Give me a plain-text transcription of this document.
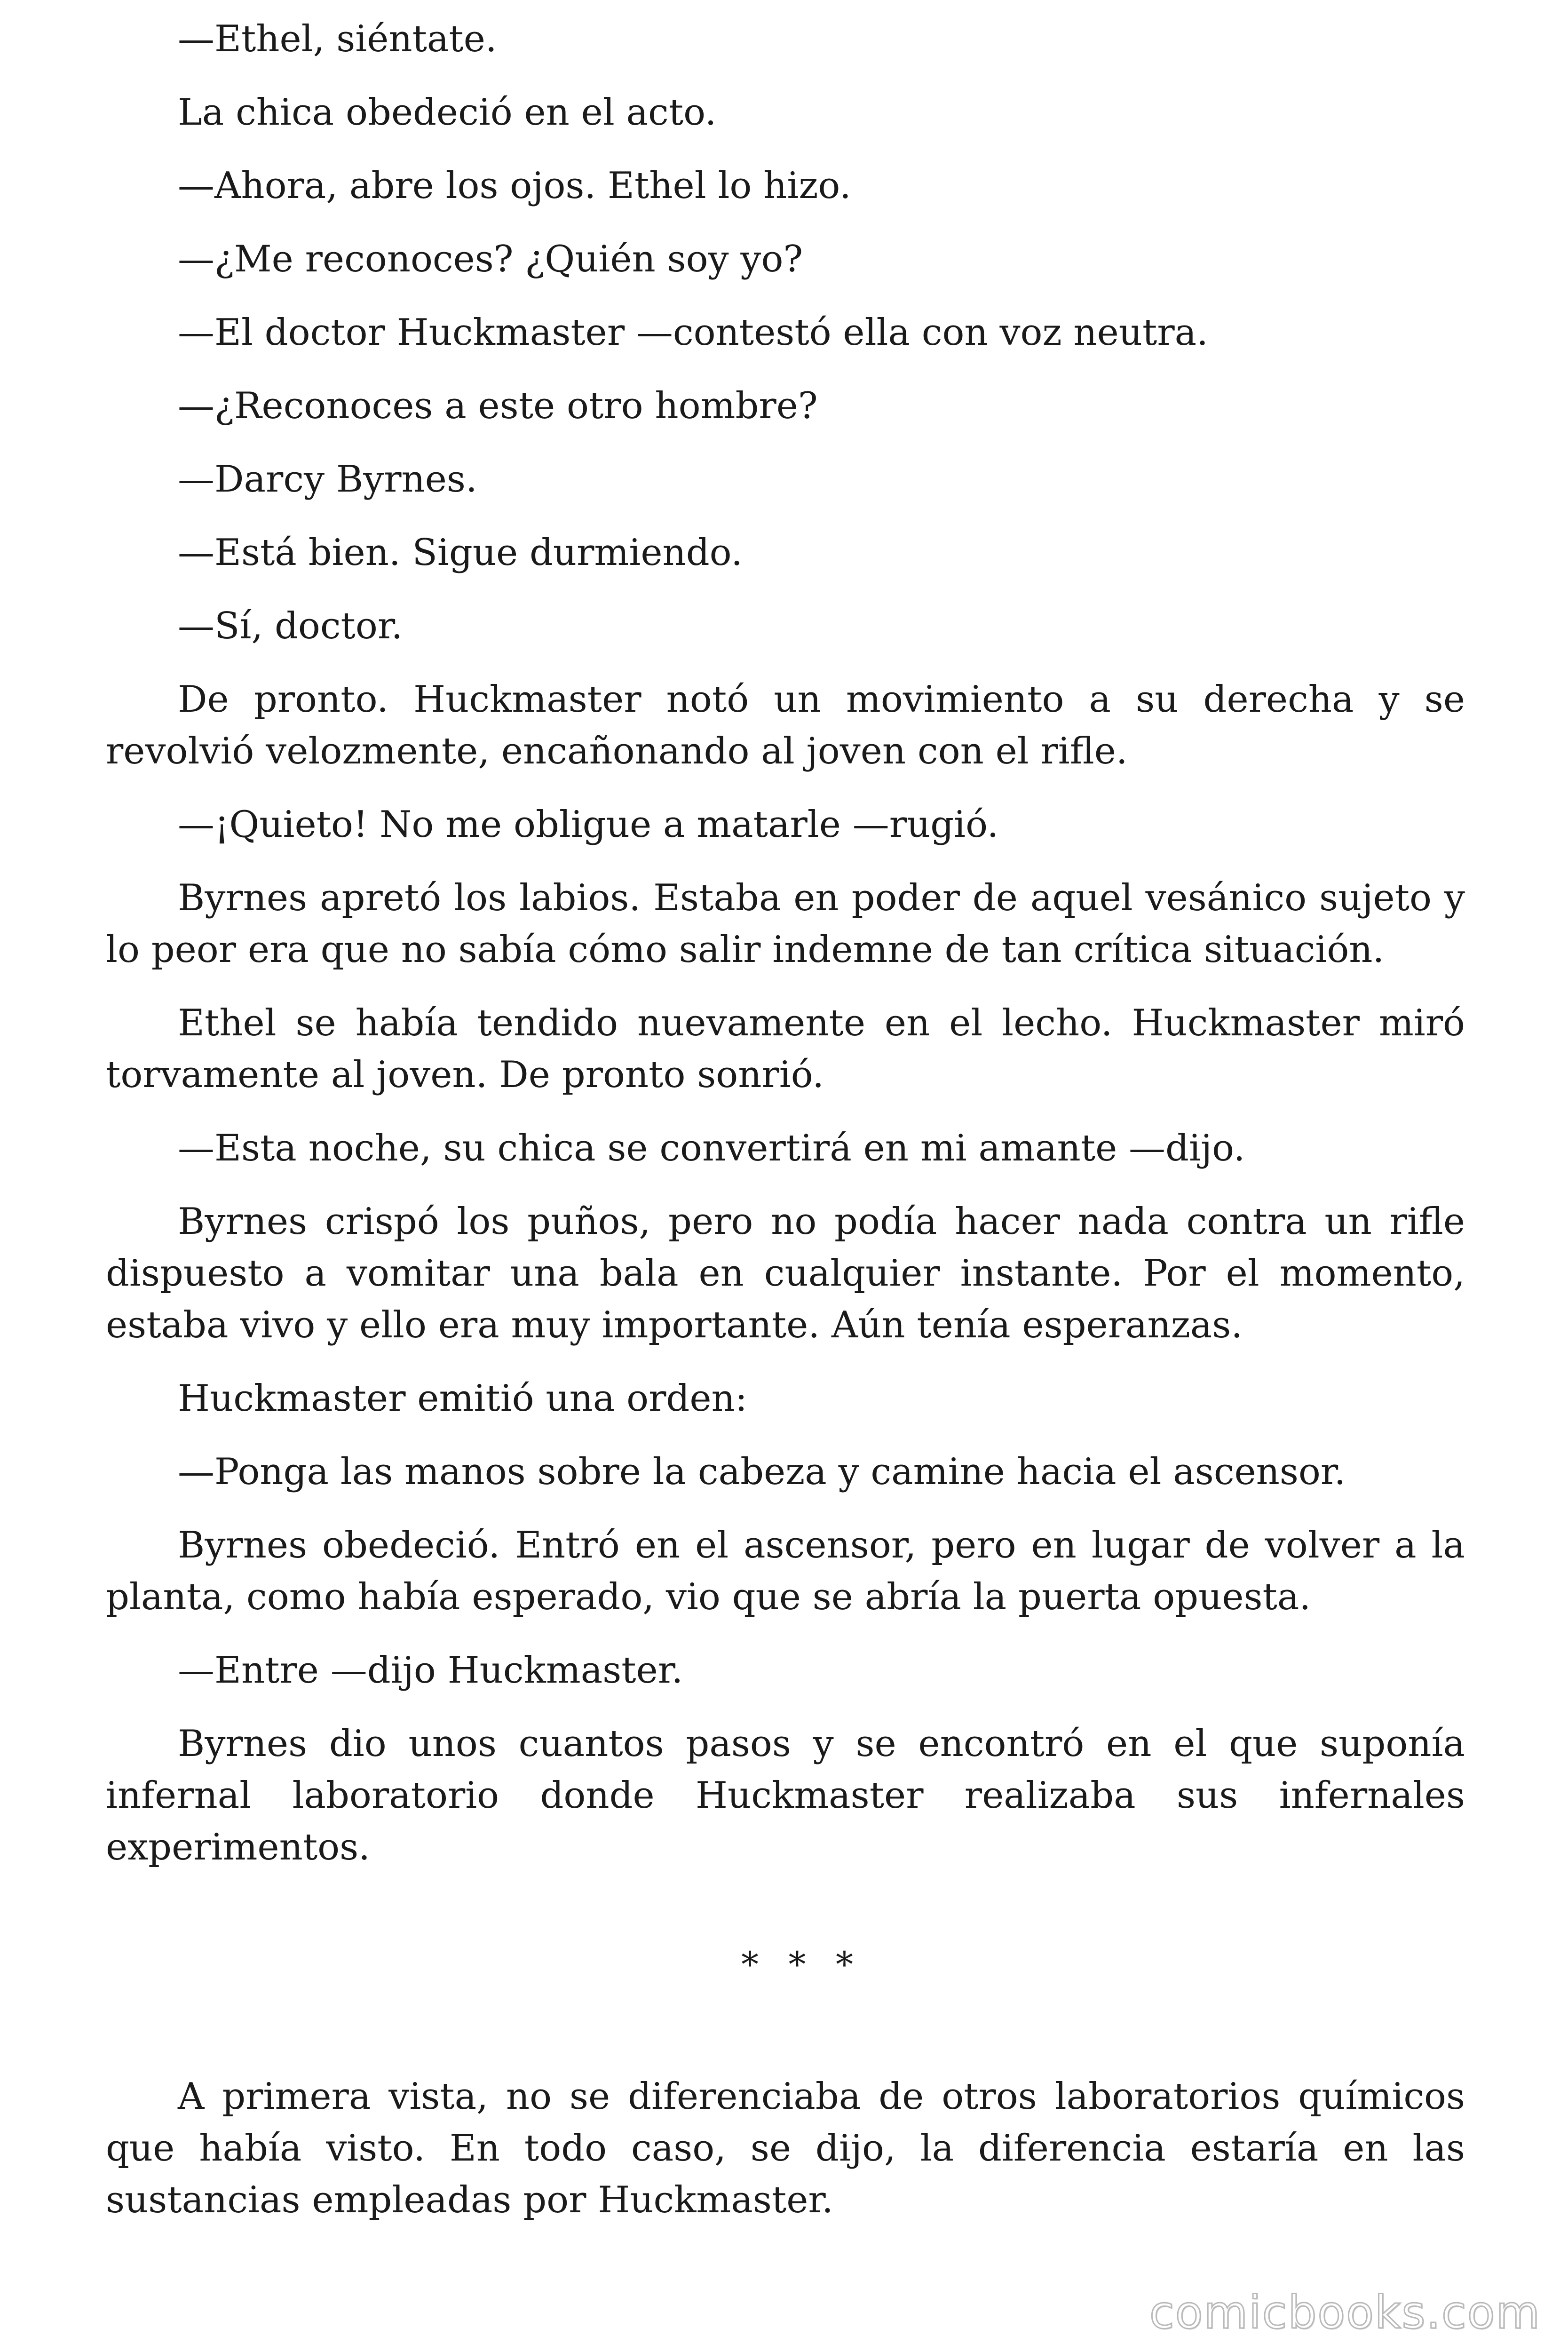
—Ethel, siéntate.

La chica obedeció en el acto.

—Ahora, abre los ojos. Ethel lo hizo.

—¿Me reconoces? ¿Quién soy yo?

—El doctor Huckmaster —contestó ella con voz neutra.

—¿Reconoces a este otro hombre?

—Darcy Byrnes.

—Está bien. Sigue durmiendo.

—Sí, doctor.

De pronto. Huckmaster notó un movimiento a su derecha y se revolvió velozmente, encañonando al joven con el rifle.

—¡Quieto! No me obligue a matarle —rugió.

Byrnes apretó los labios. Estaba en poder de aquel vesánico sujeto y lo peor era que no sabía cómo salir indemne de tan crítica situación.

Ethel se había tendido nuevamente en el lecho. Huckmaster miró torvamente al joven. De pronto sonrió.

—Esta noche, su chica se convertirá en mi amante —dijo.

Byrnes crispó los puños, pero no podía hacer nada contra un rifle dispuesto a vomitar una bala en cualquier instante. Por el momento, estaba vivo y ello era muy importante. Aún tenía esperanzas.

Huckmaster emitió una orden:

—Ponga las manos sobre la cabeza y camine hacia el ascensor.

Byrnes obedeció. Entró en el ascensor, pero en lugar de volver a la planta, como había esperado, vio que se abría la puerta opuesta.

—Entre —dijo Huckmaster.

Byrnes dio unos cuantos pasos y se encontró en el que suponía infernal laboratorio donde Huckmaster realizaba sus infernales experimentos.

* * *

A primera vista, no se diferenciaba de otros laboratorios químicos que había visto. En todo caso, se dijo, la diferencia estaría en las sustancias empleadas por Huckmaster.

comicbooks.com
